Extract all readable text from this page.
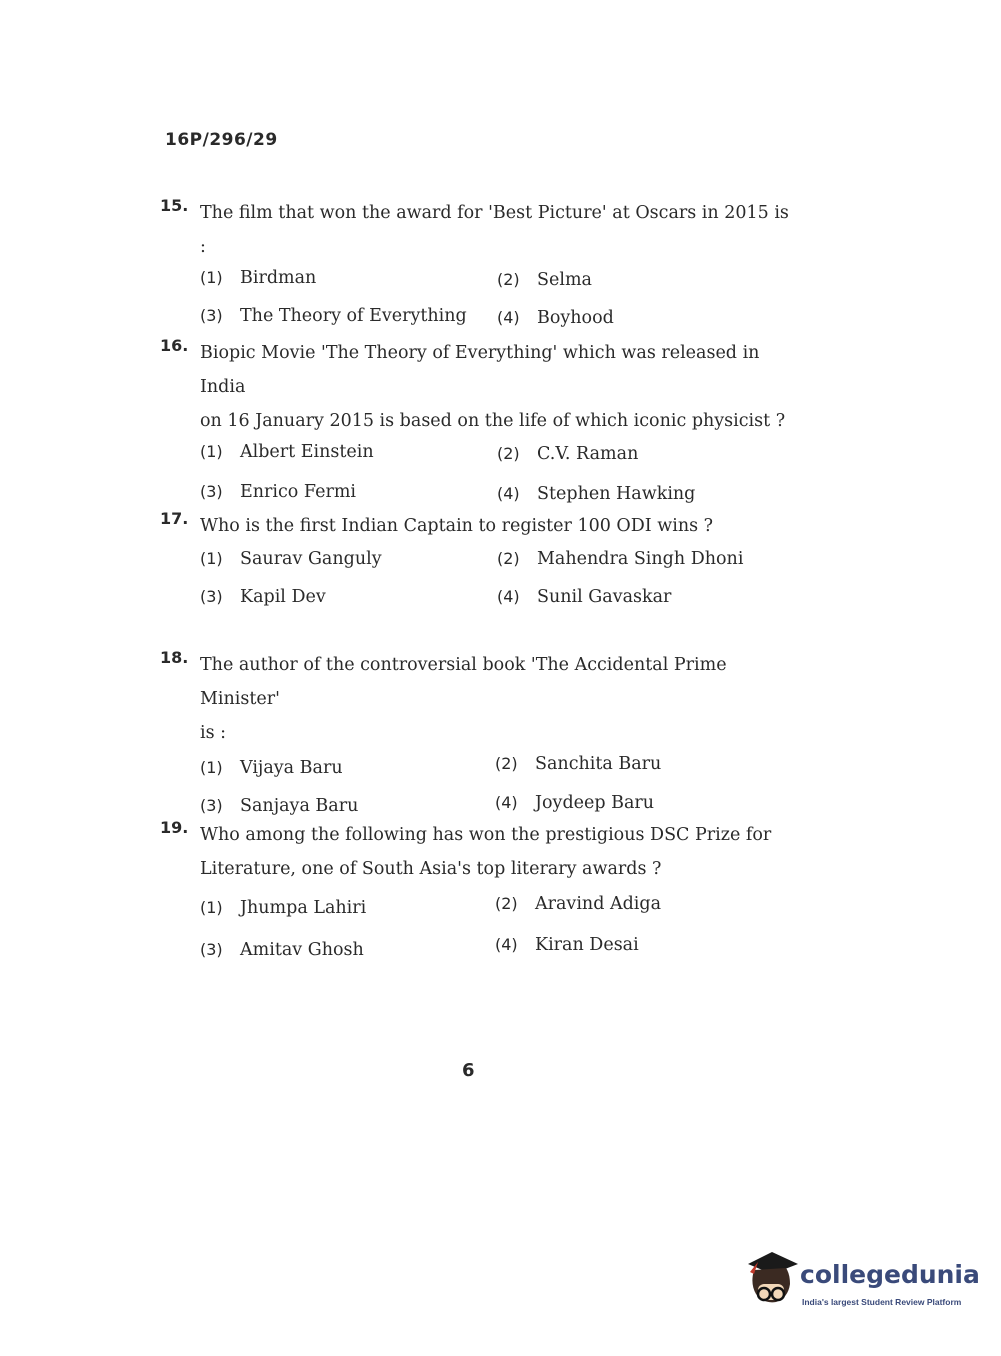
16P/296/29
15. The film that won the award for 'Best Picture' at Oscars in 2015 is :
(1) Birdman	(2) Selma
(3) The Theory of Everything (4) Boyhood
16. Biopic Movie 'The Theory of Everything' which was released in India
on 16 January 2015 is based on the life of which iconic physicist ?
(1) Albert Einstein	(2) C.V. Raman
(3) Enrico Fermi	(4) Stephen Hawking
17. Who is the first Indian Captain to register 100 ODI wins ?
(1) Saurav Ganguly	(2) Mahendra Singh Dhoni
(3) Kapil Dev	(4) Sunil Gavaskar
18. The author of the controversial book 'The Accidental Prime Minister'
is :
(1) Vijaya Baru	(2) Sanchita Baru
(3) Sanjaya Baru	(4) Joydeep Baru
19. Who among the following has won the prestigious DSC Prize for
Literature, one of South Asia's top literary awards ?
(1) Jhumpa Lahiri	(2) Aravind Adiga
(3) Amitav Ghosh	(4) Kiran Desai
6
collegedunia
India's largest Student Review Platform
